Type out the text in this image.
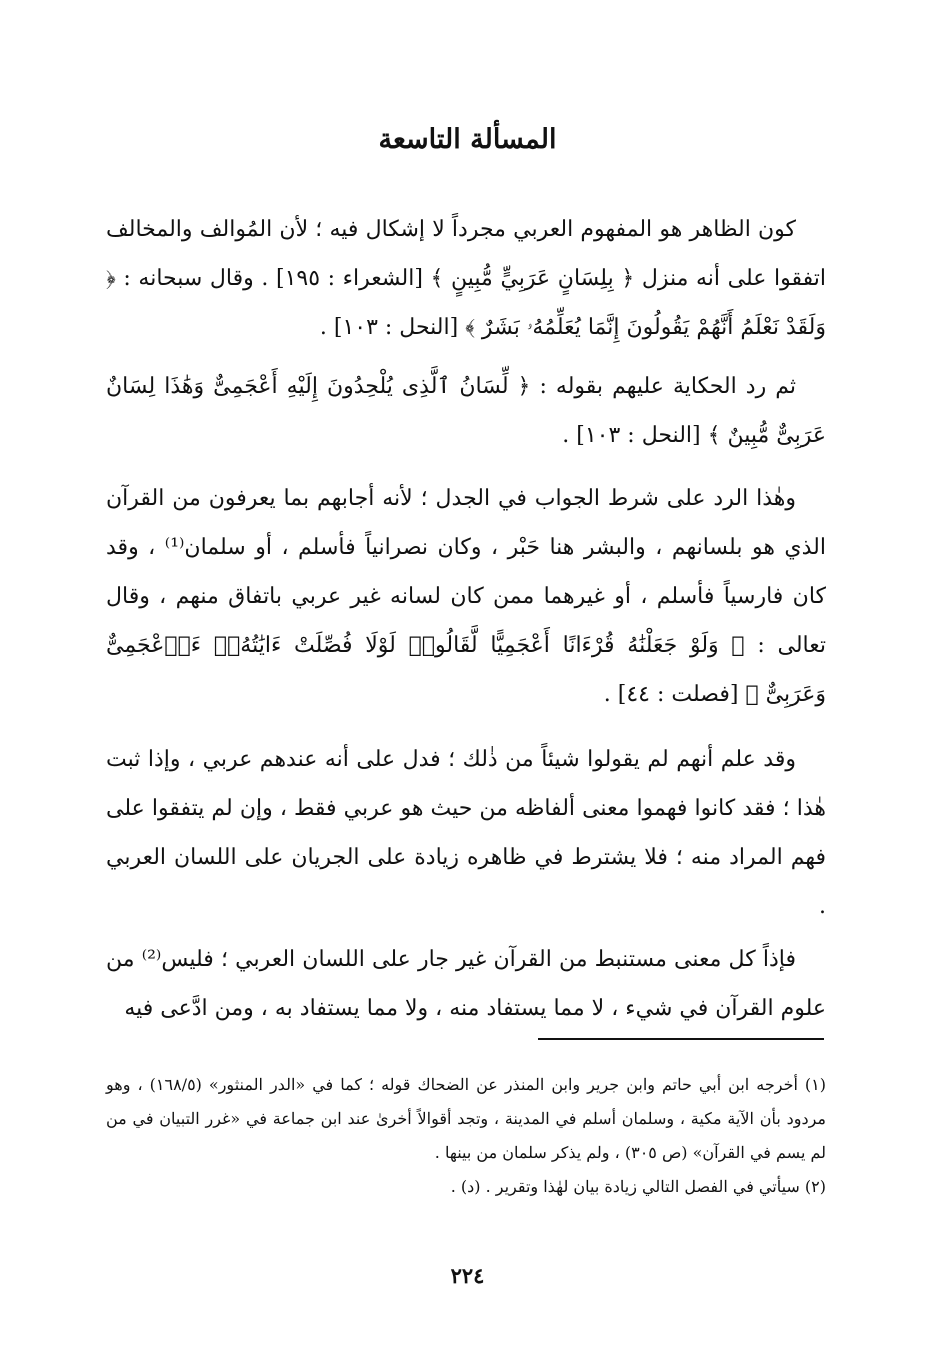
المسألة التاسعة

كون الظاهر هو المفهوم العربي مجرداً لا إشكال فيه ؛ لأن المُوالف والمخالف اتفقوا على أنه منزل ﴿ بِلِسَانٍ عَرَبِيٍّ مُّبِينٍ ﴾ [الشعراء : ١٩٥] . وقال سبحانه : ﴿ وَلَقَدْ نَعْلَمُ أَنَّهُمْ يَقُولُونَ إِنَّمَا يُعَلِّمُهُۥ بَشَرٌ ﴾ [النحل : ١٠٣] .

ثم رد الحكاية عليهم بقوله : ﴿ لِّسَانُ ٱلَّذِى يُلْحِدُونَ إِلَيْهِ أَعْجَمِىٌّ وَهَٰذَا لِسَانٌ عَرَبِىٌّ مُّبِينٌ ﴾ [النحل : ١٠٣] .

وهٰذا الرد على شرط الجواب في الجدل ؛ لأنه أجابهم بما يعرفون من القرآن الذي هو بلسانهم ، والبشر هنا حَبْر ، وكان نصرانياً فأسلم ، أو سلمان⁽¹⁾ ، وقد كان فارسياً فأسلم ، أو غيرهما ممن كان لسانه غير عربي باتفاق منهم ، وقال تعالى : ﴿ وَلَوْ جَعَلْنَٰهُ قُرْءَانًا أَعْجَمِيًّا لَّقَالُوا۟ لَوْلَا فُصِّلَتْ ءَايَٰتُهُۥٓ ءَا۬عْجَمِىٌّ وَعَرَبِىٌّ ﴾ [فصلت : ٤٤] .

وقد علم أنهم لم يقولوا شيئاً من ذٰلك ؛ فدل على أنه عندهم عربي ، وإذا ثبت هٰذا ؛ فقد كانوا فهموا معنى ألفاظه من حيث هو عربي فقط ، وإن لم يتفقوا على فهم المراد منه ؛ فلا يشترط في ظاهره زيادة على الجريان على اللسان العربي .

فإذاً كل معنى مستنبط من القرآن غير جار على اللسان العربي ؛ فليس⁽²⁾ من علوم القرآن في شيء ، لا مما يستفاد منه ، ولا مما يستفاد به ، ومن ادَّعى فيه

(١) أخرجه ابن أبي حاتم وابن جرير وابن المنذر عن الضحاك قوله ؛ كما في «الدر المنثور» (١٦٨/٥) ، وهو مردود بأن الآية مكية ، وسلمان أسلم في المدينة ، وتجد أقوالاً أخرىٰ عند ابن جماعة في «غرر التبيان في من لم يسم في القرآن» (ص ٣٠٥) ، ولم يذكر سلمان من بينها .

(٢) سيأتي في الفصل التالي زيادة بيان لهٰذا وتقرير . (د) .

٢٢٤
